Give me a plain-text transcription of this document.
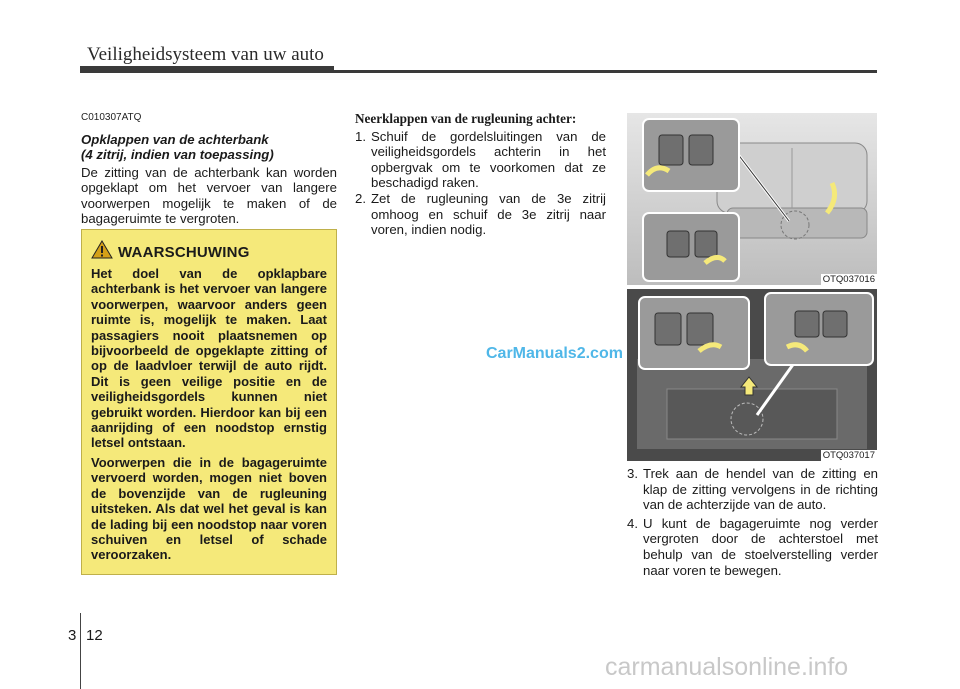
Veiligheidsysteem van uw auto
C010307ATQ
Opklappen van de achterbank
(4 zitrij, indien van toepassing)
De zitting van de achterbank kan worden opgeklapt om het vervoer van langere voorwerpen mogelijk te maken of de bagageruimte te vergroten.
WAARSCHUWING
Het doel van de opklapbare achterbank is het vervoer van langere voorwerpen, waarvoor anders geen ruimte is, mogelijk te maken. Laat passagiers nooit plaatsnemen op bijvoorbeeld de opgeklapte zitting of op de laadvloer terwijl de auto rijdt. Dit is geen veilige positie en de veiligheidsgordels kunnen niet gebruikt worden. Hierdoor kan bij een aanrijding of een noodstop ernstig letsel ontstaan.
Voorwerpen die in de bagageruimte vervoerd worden, mogen niet boven de bovenzijde van de rugleuning uitsteken. Als dat wel het geval is kan de lading bij een noodstop naar voren schuiven en letsel of schade veroorzaken.
Neerklappen van de rugleuning achter:
1. Schuif de gordelsluitingen van de veiligheidsgordels achterin in het opbergvak om te voorkomen dat ze beschadigd raken.
2. Zet de rugleuning van de 3e zitrij omhoog en schuif de 3e zitrij naar voren, indien nodig.
OTQ037016
OTQ037017
3. Trek aan de hendel van de zitting en klap de zitting vervolgens in de richting van de achterzijde van de auto.
4. U kunt de bagageruimte nog verder vergroten door de achterstoel met behulp van de stoelverstelling verder naar voren te bewegen.
CarManuals2.com
3 12
carmanualsonline.info
